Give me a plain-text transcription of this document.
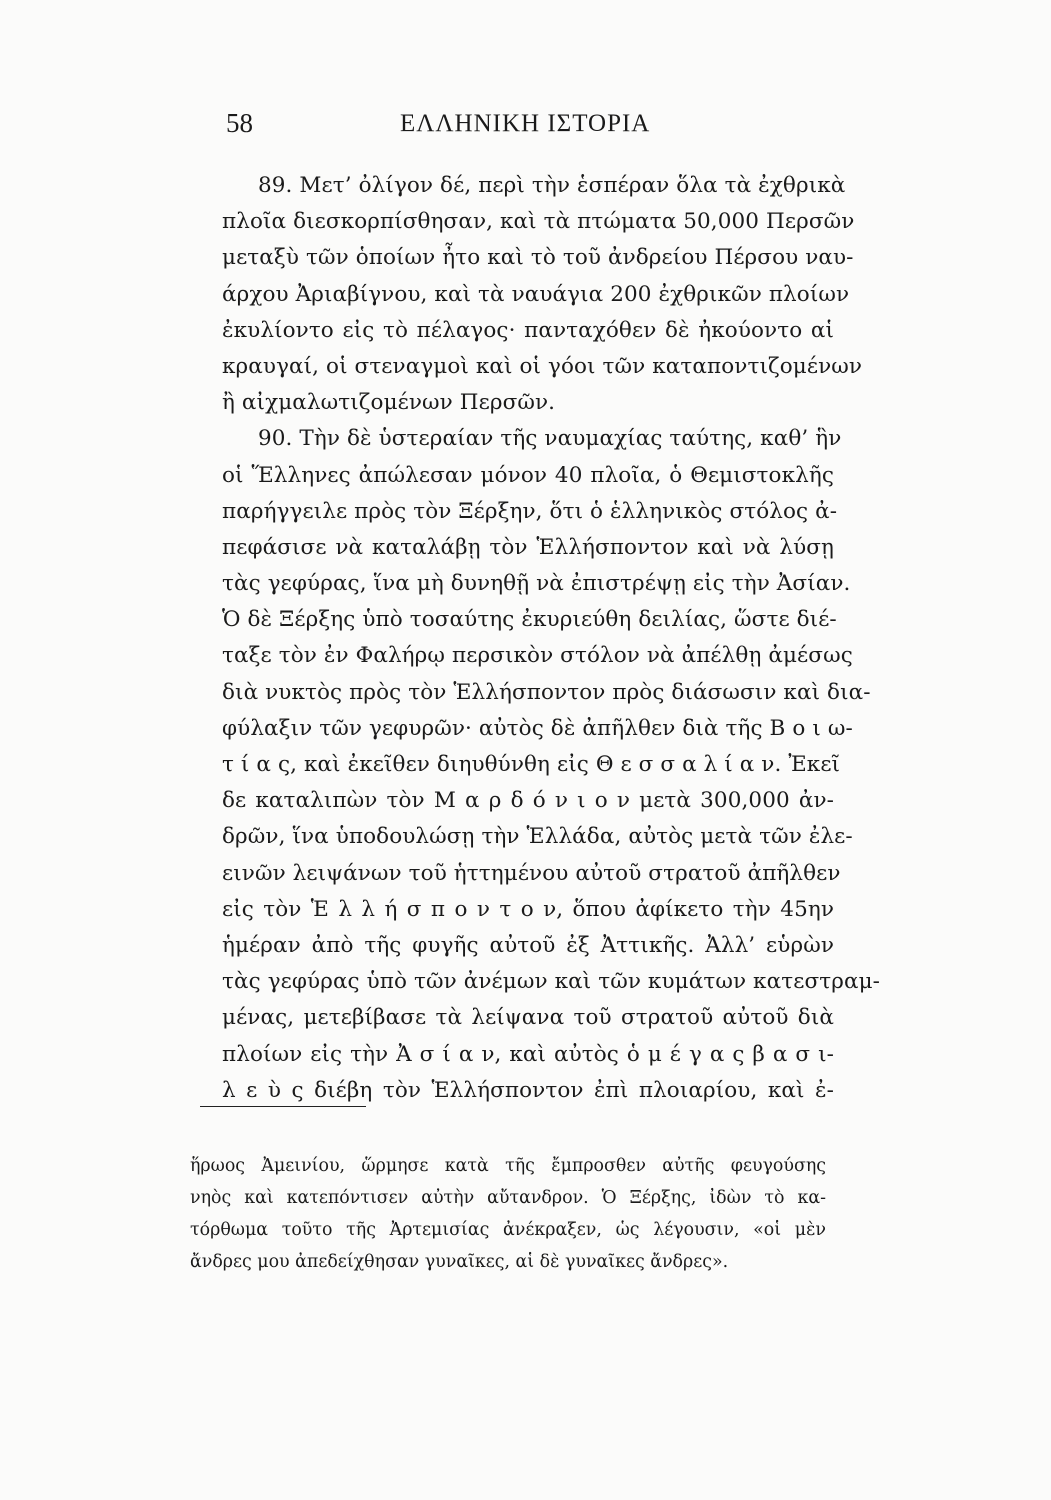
58	ΕΛΛΗΝΙΚΗ ΙΣΤΟΡΙΑ

89. Μετ’ ὀλίγον δέ, περὶ τὴν ἑσπέραν ὅλα τὰ ἐχθρικὰ
πλοῖα διεσκορπίσθησαν, καὶ τὰ πτώματα 50,000 Περσῶν
μεταξὺ τῶν ὁποίων ἦτο καὶ τὸ τοῦ ἀνδρείου Πέρσου ναυ-
άρχου Ἀριαβίγνου, καὶ τὰ ναυάγια 200 ἐχθρικῶν πλοίων
ἐκυλίοντο εἰς τὸ πέλαγος· πανταχόθεν δὲ ἠκούοντο αἱ
κραυγαί, οἱ στεναγμοὶ καὶ οἱ γόοι τῶν καταποντιζομένων
ἢ αἰχμαλωτιζομένων Περσῶν.

90. Τὴν δὲ ὑστεραίαν τῆς ναυμαχίας ταύτης, καθ’ ἣν
οἱ Ἕλληνες ἀπώλεσαν μόνον 40 πλοῖα, ὁ Θεμιστοκλῆς
παρήγγειλε πρὸς τὸν Ξέρξην, ὅτι ὁ ἑλληνικὸς στόλος ἀ-
πεφάσισε νὰ καταλάβῃ τὸν Ἑλλήσποντον καὶ νὰ λύσῃ
τὰς γεφύρας, ἵνα μὴ δυνηθῇ νὰ ἐπιστρέψῃ εἰς τὴν Ἀσίαν.
Ὁ δὲ Ξέρξης ὑπὸ τοσαύτης ἐκυριεύθη δειλίας, ὥστε διέ-
ταξε τὸν ἐν Φαλήρῳ περσικὸν στόλον νὰ ἀπέλθῃ ἀμέσως
διὰ νυκτὸς πρὸς τὸν Ἑλλήσποντον πρὸς διάσωσιν καὶ δια-
φύλαξιν τῶν γεφυρῶν· αὐτὸς δὲ ἀπῆλθεν διὰ τῆς Β ο ι ω-
τ ί α ς, καὶ ἐκεῖθεν διηυθύνθη εἰς Θ ε σ σ α λ ί α ν. Ἐκεῖ
δε καταλιπὼν τὸν Μ α ρ δ ό ν ι ο ν μετὰ 300,000 ἀν-
δρῶν, ἵνα ὑποδουλώσῃ τὴν Ἑλλάδα, αὐτὸς μετὰ τῶν ἐλε-
εινῶν λειψάνων τοῦ ἡττημένου αὐτοῦ στρατοῦ ἀπῆλθεν
εἰς τὸν Ἑ λ λ ή σ π ο ν τ ο ν, ὅπου ἀφίκετο τὴν 45ην
ἡμέραν ἀπὸ τῆς φυγῆς αὐτοῦ ἐξ Ἀττικῆς. Ἀλλ’ εὑρὼν
τὰς γεφύρας ὑπὸ τῶν ἀνέμων καὶ τῶν κυμάτων κατεστραμ-
μένας, μετεβίβασε τὰ λείψανα τοῦ στρατοῦ αὐτοῦ διὰ
πλοίων εἰς τὴν Ἀ σ ί α ν, καὶ αὐτὸς ὁ μ έ γ α ς β α σ ι-
λ ε ὺ ς διέβη τὸν Ἑλλήσποντον ἐπὶ πλοιαρίου, καὶ ἐ-

ἥρωος Ἀμεινίου, ὥρμησε κατὰ τῆς ἔμπροσθεν αὐτῆς φευγούσης
νηὸς καὶ κατεπόντισεν αὐτὴν αὔτανδρον. Ὁ Ξέρξης, ἰδὼν τὸ κα-
τόρθωμα τοῦτο τῆς Ἀρτεμισίας ἀνέκραξεν, ὡς λέγουσιν, «οἱ μὲν
ἄνδρες μου ἀπεδείχθησαν γυναῖκες, αἱ δὲ γυναῖκες ἄνδρες».
